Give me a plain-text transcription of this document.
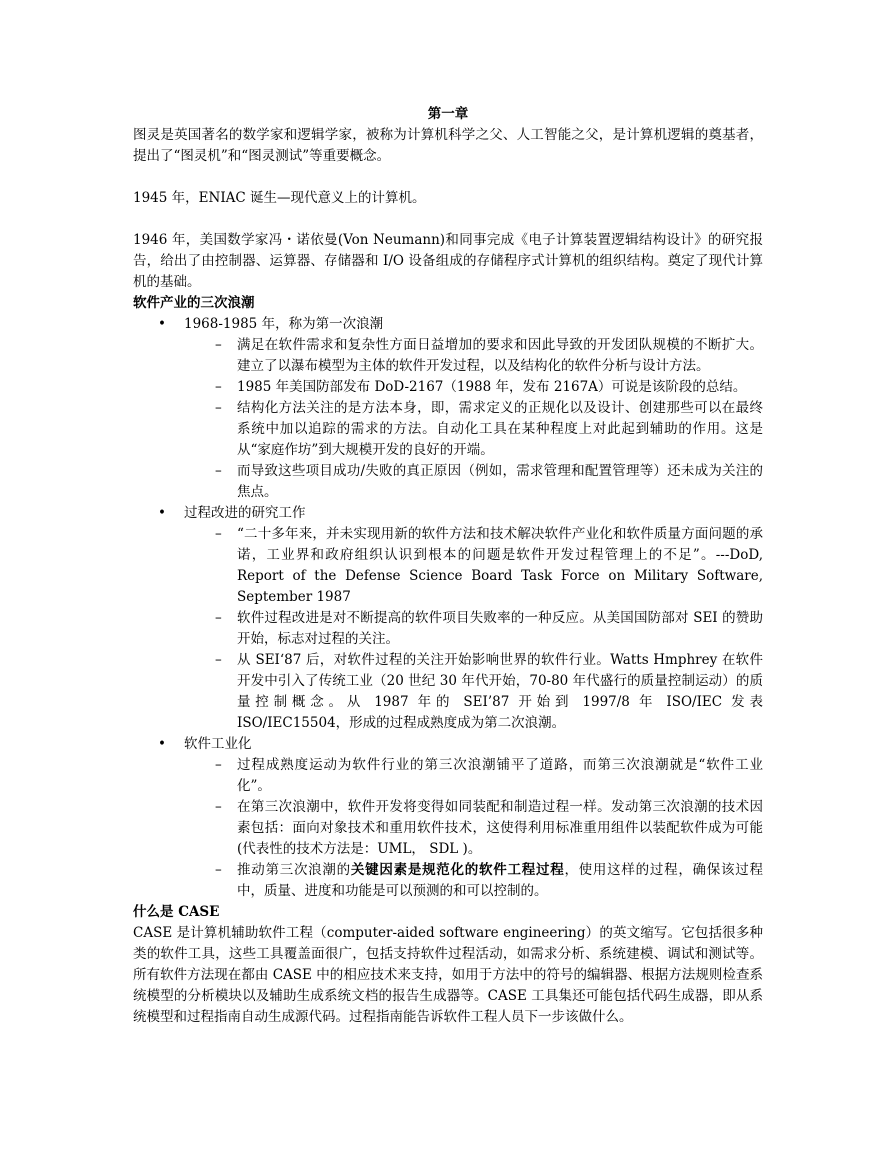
第一章

图灵是英国著名的数学家和逻辑学家，被称为计算机科学之父、人工智能之父，是计算机逻辑的奠基者，提出了“图灵机”和“图灵测试”等重要概念。

1945 年，ENIAC 诞生—现代意义上的计算机。

1946 年，美国数学家冯・诺依曼(Von Neumann)和同事完成《电子计算装置逻辑结构设计》的研究报告，给出了由控制器、运算器、存储器和 I/O 设备组成的存储程序式计算机的组织结构。奠定了现代计算机的基础。

软件产业的三次浪潮
• 1968-1985 年，称为第一次浪潮
– 满足在软件需求和复杂性方面日益增加的要求和因此导致的开发团队规模的不断扩大。建立了以瀑布模型为主体的软件开发过程，以及结构化的软件分析与设计方法。
– 1985 年美国防部发布 DoD-2167（1988 年，发布 2167A）可说是该阶段的总结。
– 结构化方法关注的是方法本身，即，需求定义的正规化以及设计、创建那些可以在最终系统中加以追踪的需求的方法。自动化工具在某种程度上对此起到辅助的作用。这是从“家庭作坊”到大规模开发的良好的开端。
– 而导致这些项目成功/失败的真正原因（例如，需求管理和配置管理等）还未成为关注的焦点。
• 过程改进的研究工作
– “二十多年来，并未实现用新的软件方法和技术解决软件产业化和软件质量方面问题的承诺，工业界和政府组织认识到根本的问题是软件开发过程管理上的不足”。---DoD, Report of the Defense Science Board Task Force on Military Software, September 1987
– 软件过程改进是对不断提高的软件项目失败率的一种反应。从美国国防部对 SEI 的赞助开始，标志对过程的关注。
– 从 SEI‘87 后，对软件过程的关注开始影响世界的软件行业。Watts Hmphrey 在软件开发中引入了传统工业（20 世纪 30 年代开始，70-80 年代盛行的质量控制运动）的质量控制概念。从 1987 年的 SEI’87 开始到 1997/8 年 ISO/IEC 发表 ISO/IEC15504，形成的过程成熟度成为第二次浪潮。
• 软件工业化
– 过程成熟度运动为软件行业的第三次浪潮铺平了道路，而第三次浪潮就是“软件工业化”。
– 在第三次浪潮中，软件开发将变得如同装配和制造过程一样。发动第三次浪潮的技术因素包括：面向对象技术和重用软件技术，这使得利用标准重用组件以装配软件成为可能(代表性的技术方法是：UML， SDL )。
– 推动第三次浪潮的关键因素是规范化的软件工程过程，使用这样的过程，确保该过程中，质量、进度和功能是可以预测的和可以控制的。
什么是 CASE

CASE 是计算机辅助软件工程（computer-aided software engineering）的英文缩写。它包括很多种类的软件工具，这些工具覆盖面很广，包括支持软件过程活动，如需求分析、系统建模、调试和测试等。所有软件方法现在都由 CASE 中的相应技术来支持，如用于方法中的符号的编辑器、根据方法规则检查系统模型的分析模块以及辅助生成系统文档的报告生成器等。CASE 工具集还可能包括代码生成器，即从系统模型和过程指南自动生成源代码。过程指南能告诉软件工程人员下一步该做什么。
